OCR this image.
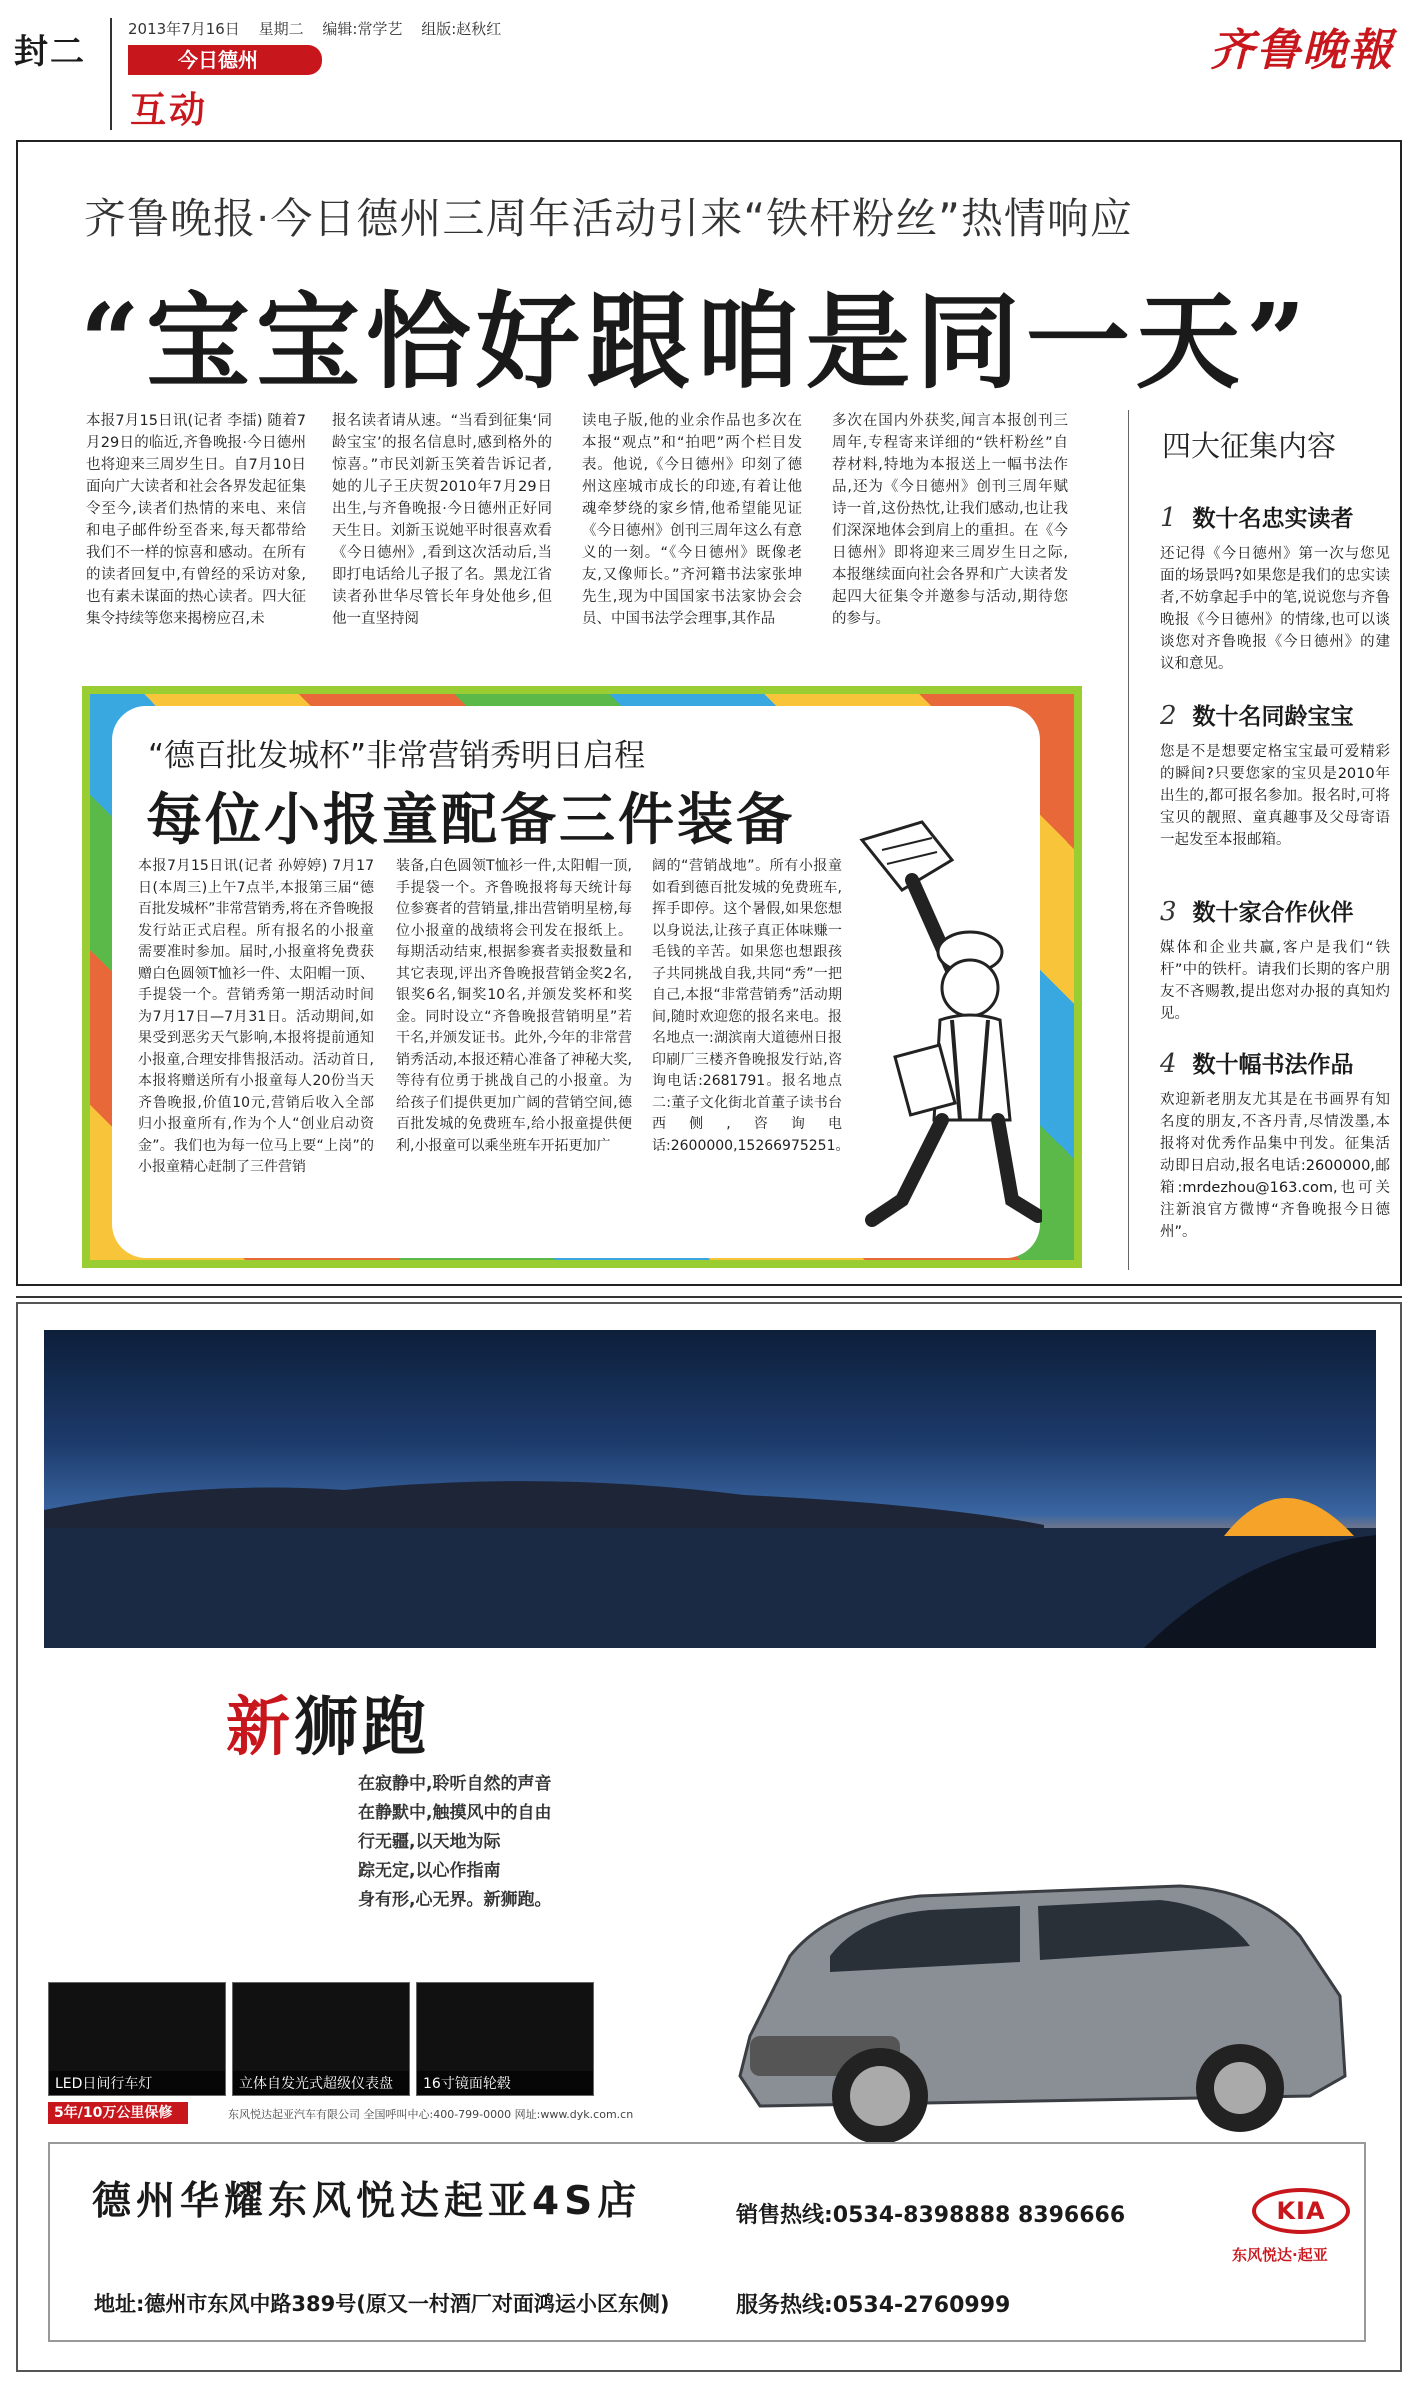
封二
2013年7月16日 星期二 编辑:常学艺 组版:赵秋红
今日德州
互动
齐鲁晚報
齐鲁晚报·今日德州三周年活动引来“铁杆粉丝”热情响应
“宝宝恰好跟咱是同一天”
本报7月15日讯(记者 李擂) 随着7月29日的临近,齐鲁晚报·今日德州也将迎来三周岁生日。自7月10日面向广大读者和社会各界发起征集令至今,读者们热情的来电、来信和电子邮件纷至沓来,每天都带给我们不一样的惊喜和感动。在所有的读者回复中,有曾经的采访对象,也有素未谋面的热心读者。四大征集令持续等您来揭榜应召,未
报名读者请从速。“当看到征集‘同龄宝宝’的报名信息时,感到格外的惊喜。”市民刘新玉笑着告诉记者,她的儿子王庆贺2010年7月29日出生,与齐鲁晚报·今日德州正好同天生日。刘新玉说她平时很喜欢看《今日德州》,看到这次活动后,当即打电话给儿子报了名。黑龙江省读者孙世华尽管长年身处他乡,但他一直坚持阅
读电子版,他的业余作品也多次在本报“观点”和“拍吧”两个栏目发表。他说,《今日德州》印刻了德州这座城市成长的印迹,有着让他魂牵梦绕的家乡情,他希望能见证《今日德州》创刊三周年这么有意义的一刻。“《今日德州》既像老友,又像师长。”齐河籍书法家张坤先生,现为中国国家书法家协会会员、中国书法学会理事,其作品
多次在国内外获奖,闻言本报创刊三周年,专程寄来详细的“铁杆粉丝”自荐材料,特地为本报送上一幅书法作品,还为《今日德州》创刊三周年赋诗一首,这份热忱,让我们感动,也让我们深深地体会到肩上的重担。在《今日德州》即将迎来三周岁生日之际,本报继续面向社会各界和广大读者发起四大征集令并邀参与活动,期待您的参与。
四大征集内容
1 数十名忠实读者
还记得《今日德州》第一次与您见面的场景吗?如果您是我们的忠实读者,不妨拿起手中的笔,说说您与齐鲁晚报《今日德州》的情缘,也可以谈谈您对齐鲁晚报《今日德州》的建议和意见。
2 数十名同龄宝宝
您是不是想要定格宝宝最可爱精彩的瞬间?只要您家的宝贝是2010年出生的,都可报名参加。报名时,可将宝贝的靓照、童真趣事及父母寄语一起发至本报邮箱。
3 数十家合作伙伴
媒体和企业共赢,客户是我们“铁杆”中的铁杆。请我们长期的客户朋友不吝赐教,提出您对办报的真知灼见。
4 数十幅书法作品
欢迎新老朋友尤其是在书画界有知名度的朋友,不吝丹青,尽情泼墨,本报将对优秀作品集中刊发。征集活动即日启动,报名电话:2600000,邮箱:mrdezhou@163.com,也可关注新浪官方微博“齐鲁晚报今日德州”。
“德百批发城杯”非常营销秀明日启程
每位小报童配备三件装备
本报7月15日讯(记者 孙婷婷) 7月17日(本周三)上午7点半,本报第三届“德百批发城杯”非常营销秀,将在齐鲁晚报发行站正式启程。所有报名的小报童需要准时参加。届时,小报童将免费获赠白色圆领T恤衫一件、太阳帽一顶、手提袋一个。营销秀第一期活动时间为7月17日—7月31日。活动期间,如果受到恶劣天气影响,本报将提前通知小报童,合理安排售报活动。活动首日,本报将赠送所有小报童每人20份当天齐鲁晚报,价值10元,营销后收入全部归小报童所有,作为个人“创业启动资金”。我们也为每一位马上要“上岗”的小报童精心赶制了三件营销
装备,白色圆领T恤衫一件,太阳帽一顶,手提袋一个。齐鲁晚报将每天统计每位参赛者的营销量,排出营销明星榜,每位小报童的战绩将会刊发在报纸上。每期活动结束,根据参赛者卖报数量和其它表现,评出齐鲁晚报营销金奖2名,银奖6名,铜奖10名,并颁发奖杯和奖金。同时设立“齐鲁晚报营销明星”若干名,并颁发证书。此外,今年的非常营销秀活动,本报还精心准备了神秘大奖,等待有位勇于挑战自己的小报童。为给孩子们提供更加广阔的营销空间,德百批发城的免费班车,给小报童提供便利,小报童可以乘坐班车开拓更加广
阔的“营销战地”。所有小报童如看到德百批发城的免费班车,挥手即停。这个暑假,如果您想以身说法,让孩子真正体味赚一毛钱的辛苦。如果您也想跟孩子共同挑战自我,共同“秀”一把自己,本报“非常营销秀”活动期间,随时欢迎您的报名来电。报名地点一:湖滨南大道德州日报印刷厂三楼齐鲁晚报发行站,咨询电话:2681791。报名地点二:董子文化街北首董子读书台西侧,咨询电话:2600000,15266975251。
新狮跑
在寂静中,聆听自然的声音
在静默中,触摸风中的自由
行无疆,以天地为际
踪无定,以心作指南
身有形,心无界。新狮跑。
LED日间行车灯	立体自发光式超级仪表盘	16寸镜面轮毂
5年/10万公里保修	东风悦达起亚汽车有限公司 全国呼叫中心:400-799-0000 网址:www.dyk.com.cn
德州华耀东风悦达起亚4S店
地址:德州市东风中路389号(原又一村酒厂对面鸿运小区东侧)
销售热线:0534-8398888 8396666
服务热线:0534-2760999
KIA
东风悦达·起亚
